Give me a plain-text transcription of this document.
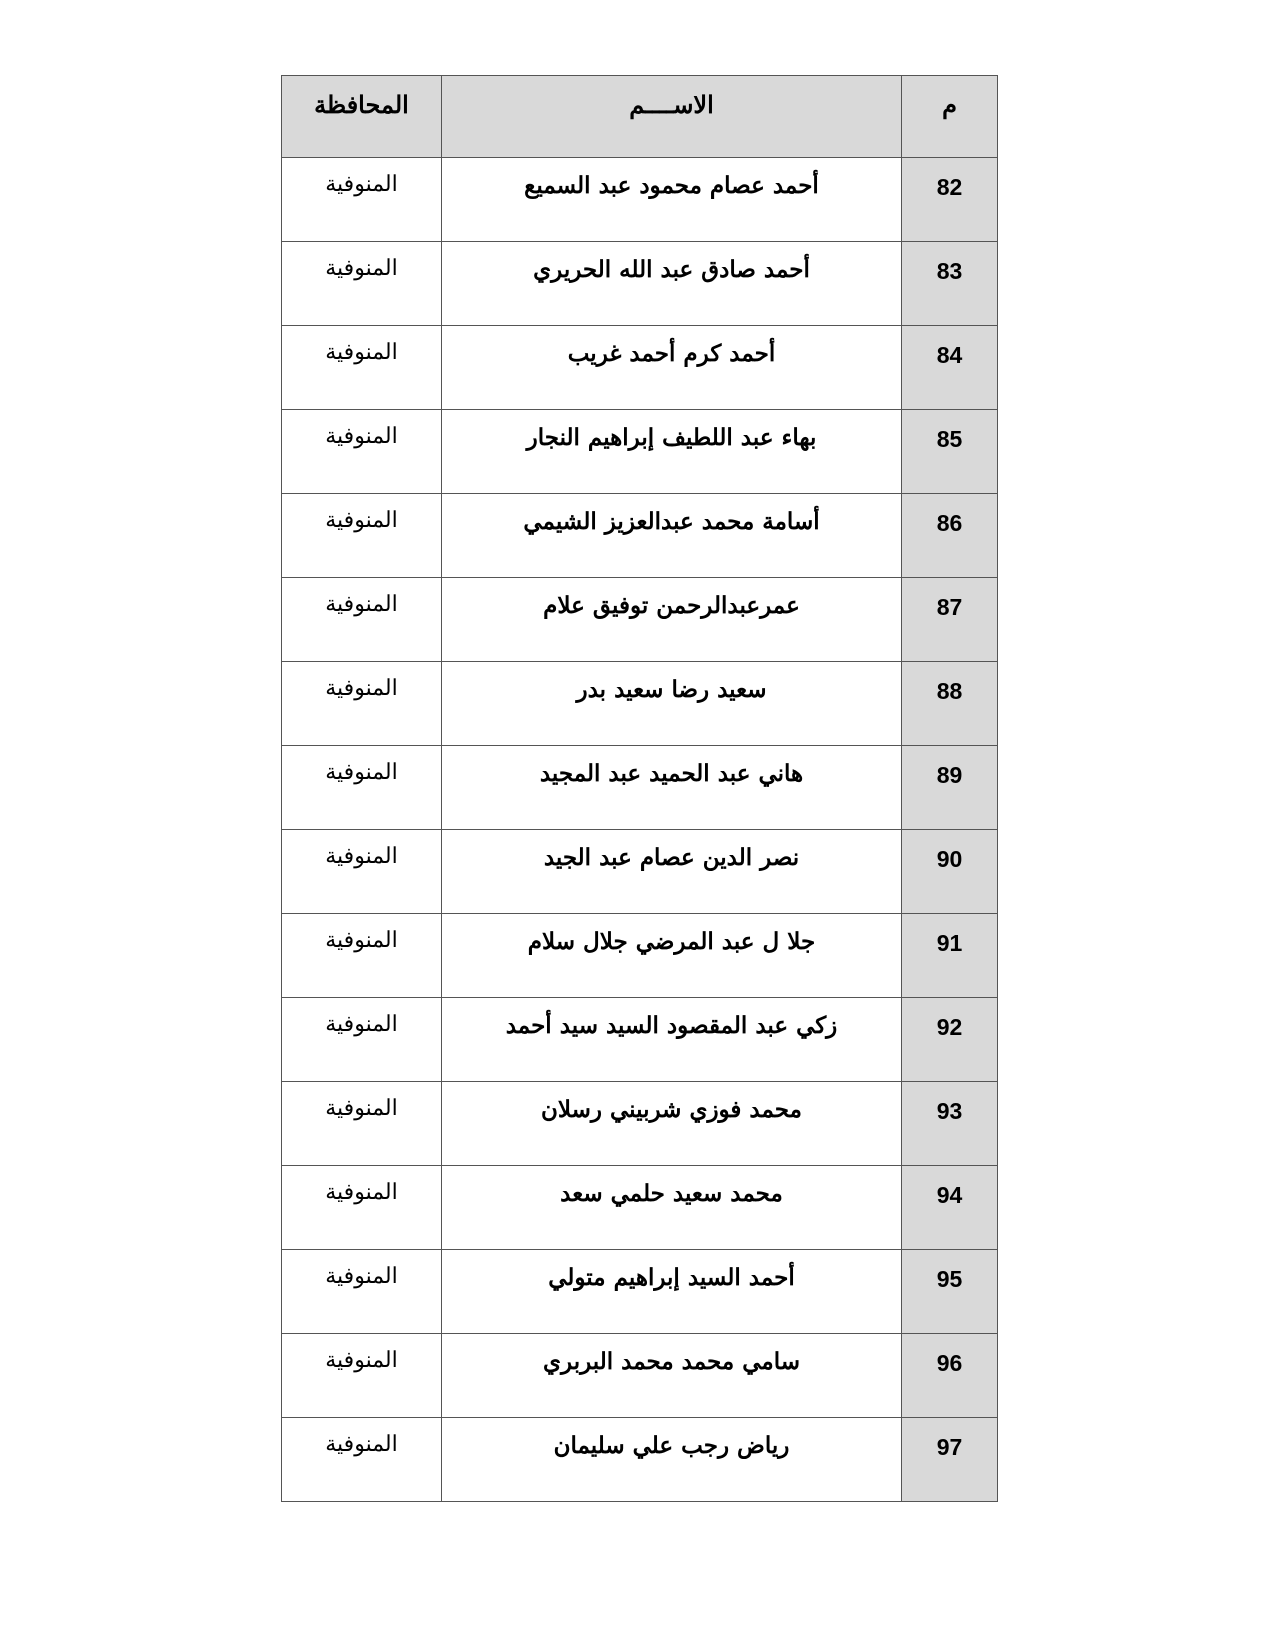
م	الاســــم	المحافظة
82	أحمد عصام محمود عبد السميع	المنوفية
83	أحمد صادق عبد الله الحريري	المنوفية
84	أحمد كرم أحمد غريب	المنوفية
85	بهاء عبد اللطيف إبراهيم النجار	المنوفية
86	أسامة محمد عبدالعزيز الشيمي	المنوفية
87	عمرعبدالرحمن توفيق علام	المنوفية
88	سعيد رضا سعيد بدر	المنوفية
89	هاني عبد الحميد عبد المجيد	المنوفية
90	نصر الدين عصام عبد الجيد	المنوفية
91	جلا ل عبد المرضي جلال سلام	المنوفية
92	زكي عبد المقصود السيد سيد أحمد	المنوفية
93	محمد فوزي شربيني رسلان	المنوفية
94	محمد سعيد حلمي سعد	المنوفية
95	أحمد السيد إبراهيم متولي	المنوفية
96	سامي محمد محمد البربري	المنوفية
97	رياض رجب علي سليمان	المنوفية
